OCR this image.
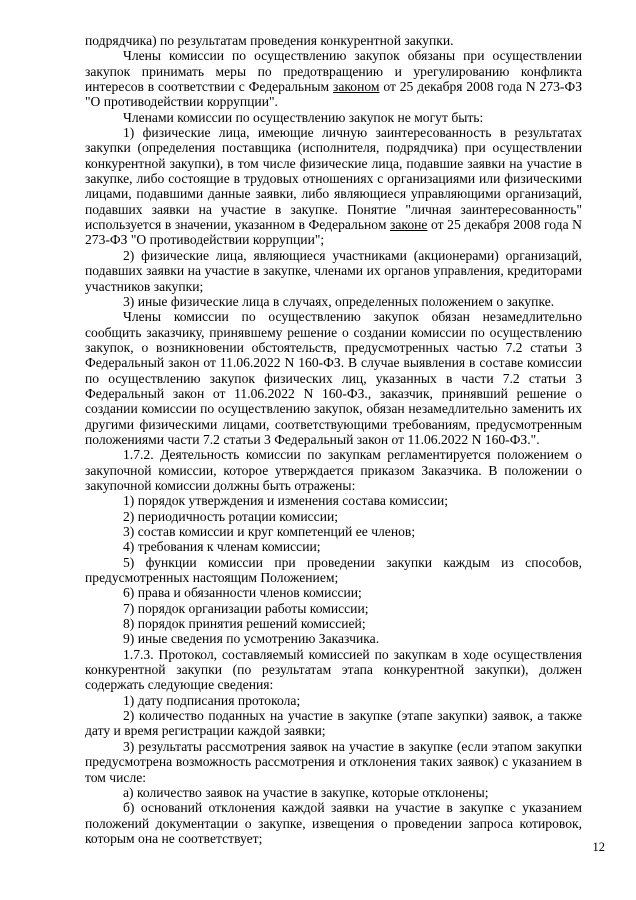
подрядчика) по результатам проведения конкурентной закупки.

Члены комиссии по осуществлению закупок обязаны при осуществлении закупок принимать меры по предотвращению и урегулированию конфликта интересов в соответствии с Федеральным законом от 25 декабря 2008 года N 273-ФЗ "О противодействии коррупции".

Членами комиссии по осуществлению закупок не могут быть:

1) физические лица, имеющие личную заинтересованность в результатах закупки (определения поставщика (исполнителя, подрядчика) при осуществлении конкурентной закупки), в том числе физические лица, подавшие заявки на участие в закупке, либо состоящие в трудовых отношениях с организациями или физическими лицами, подавшими данные заявки, либо являющиеся управляющими организаций, подавших заявки на участие в закупке. Понятие "личная заинтересованность" используется в значении, указанном в Федеральном законе от 25 декабря 2008 года N 273-ФЗ "О противодействии коррупции";

2) физические лица, являющиеся участниками (акционерами) организаций, подавших заявки на участие в закупке, членами их органов управления, кредиторами участников закупки;

3) иные физические лица в случаях, определенных положением о закупке.

Члены комиссии по осуществлению закупок обязан незамедлительно сообщить заказчику, принявшему решение о создании комиссии по осуществлению закупок, о возникновении обстоятельств, предусмотренных частью 7.2 статьи 3 Федеральный закон от 11.06.2022 N 160-ФЗ. В случае выявления в составе комиссии по осуществлению закупок физических лиц, указанных в части 7.2 статьи 3 Федеральный закон от 11.06.2022 N 160-ФЗ., заказчик, принявший решение о создании комиссии по осуществлению закупок, обязан незамедлительно заменить их другими физическими лицами, соответствующими требованиям, предусмотренным положениями части 7.2 статьи 3 Федеральный закон от 11.06.2022 N 160-ФЗ.".

1.7.2. Деятельность комиссии по закупкам регламентируется положением о закупочной комиссии, которое утверждается приказом Заказчика. В положении о закупочной комиссии должны быть отражены:

1) порядок утверждения и изменения состава комиссии;

2) периодичность ротации комиссии;

3) состав комиссии и круг компетенций ее членов;

4) требования к членам комиссии;

5) функции комиссии при проведении закупки каждым из способов, предусмотренных настоящим Положением;

6) права и обязанности членов комиссии;

7) порядок организации работы комиссии;

8) порядок принятия решений комиссией;

9) иные сведения по усмотрению Заказчика.

1.7.3. Протокол, составляемый комиссией по закупкам в ходе осуществления конкурентной закупки (по результатам этапа конкурентной закупки), должен содержать следующие сведения:

1) дату подписания протокола;

2) количество поданных на участие в закупке (этапе закупки) заявок, а также дату и время регистрации каждой заявки;

3) результаты рассмотрения заявок на участие в закупке (если этапом закупки предусмотрена возможность рассмотрения и отклонения таких заявок) с указанием в том числе:

а) количество заявок на участие в закупке, которые отклонены;

б) оснований отклонения каждой заявки на участие в закупке с указанием положений документации о закупке, извещения о проведении запроса котировок, которым она не соответствует;

12
